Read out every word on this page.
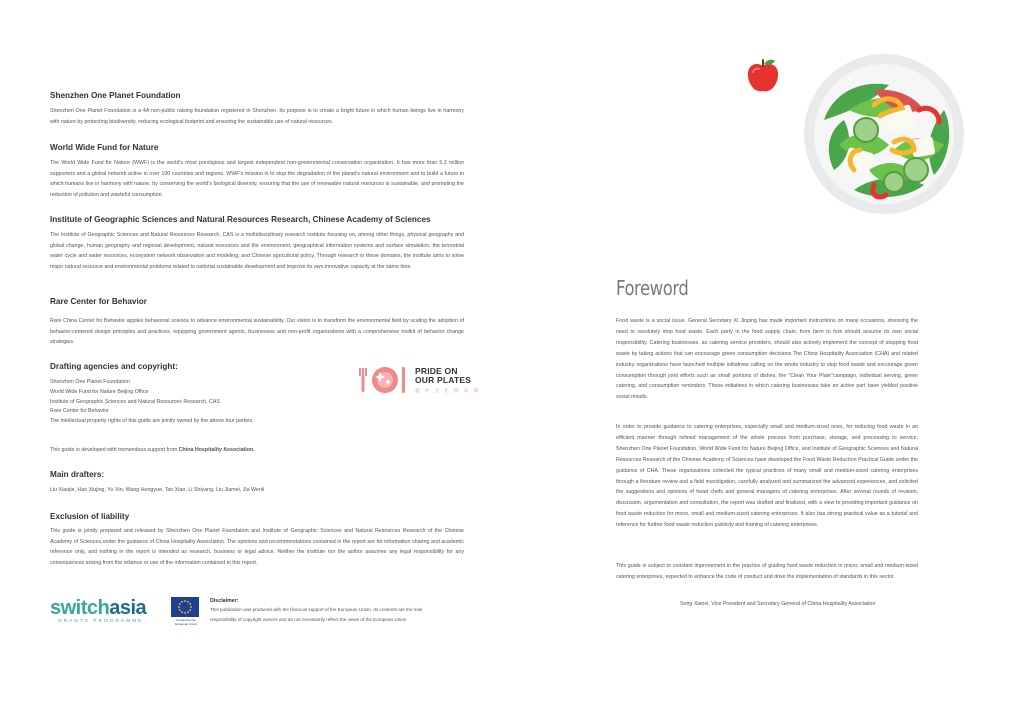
Shenzhen One Planet Foundation

Shenzhen One Planet Foundation is a 4A non-public raising foundation registered in Shenzhen. Its purpose is to create a bright future in which human beings live in harmony with nature by protecting biodiversity, reducing ecological footprint and ensuring the sustainable use of natural resources.

World Wide Fund for Nature

The World Wide Fund for Nature (WWF) is the world's most prestigious and largest independent non-governmental conservation organization. It has more than 5.2 million supporters and a global network active in over 100 countries and regions. WWF's mission is to stop the degradation of the planet's natural environment and to build a future in which humans live in harmony with nature, by conserving the world's biological diversity, ensuring that the use of renewable natural resources is sustainable, and promoting the reduction of pollution and wasteful consumption.

Institute of Geographic Sciences and Natural Resources Research, Chinese Academy of Sciences

The Institute of Geographic Sciences and Natural Resources Research, CAS is a multidisciplinary research institute focusing on, among other things, physical geography and global change, human geography and regional development, natural resources and the environment, geographical information systems and surface simulation, the terrestrial water cycle and water resources, ecosystem network observation and modeling, and Chinese agricultural policy. Through research in these domains, the institute aims to solve major natural resource and environmental problems related to national sustainable development and improve its own innovative capacity at the same time.

Rare Center for Behavior

Rare China Center for Behavior applies behavioral science to advance environmental sustainability. Our vision is to transform the environmental field by scaling the adoption of behavior-centered design principles and practices, equipping government agents, businesses and non-profit organizations with a comprehensive toolkit of behavior change strategies.

Drafting agencies and copyright:
Shenzhen One Planet Foundation
World Wide Fund for Nature Beijing Office
Institute of Geographic Sciences and Natural Resources Research, CAS
Rare Center for Behavior
The intellectual property rights of this guide are jointly owned by the above four parties.
PRIDE ON
OUR PLATES
盘 中 之 光 俱 乐 部
This guide is developed with tremendous support from China Hospitality Association.
Main drafters:
Liu Xiaojie, Hao Xiujing, Yu Xin, Wang Hongyue, Tan Xiao, Li Shiyang, Liu Jiamei, Jia Wenli
Exclusion of liability

This guide is jointly prepared and released by Shenzhen One Planet Foundation and Institute of Geographic Sciences and Natural Resources Research of the Chinese Academy of Sciences,under the guidance of China Hospitality Association. The opinions and recommendations contained in the report are for information sharing and academic reference only, and nothing in the report is intended as research, business or legal advice. Neither the institute nor the author assumes any legal responsibility for any consequences arising from the reliance or use of the information contained in this report.

switchasia
GRANTS PROGRAMME	Funded by the European Union
Disclaimer:
This publication was produced with the financial support of the European Union. Its contents are the sole
responsibility of copyright owners and do not necessarily reflect the views of the European Union
Foreword

Food waste is a social issue. General Secretary Xi Jinping has made important instructions on many occasions, stressing the need to resolutely stop food waste. Each party in the food supply chain, from farm to fork should assume its own social responsibility. Catering businesses, as catering service providers, should also actively implement the concept of stopping food waste by taking actions that can encourage green consumption decisions.The China Hospitality Association (CHA) and related industry organizations have launched multiple initiatives calling on the whole industry to stop food waste and encourage green consumption through joint efforts such as small portions of dishes, the "Clean Your Plate"campaign, individual serving, green catering, and consumption reminders. These initiatives in which catering businesses take an active part have yielded positive social results.

In order to provide guidance to catering enterprises, especially small and medium-sized ones, for reducing food waste in an efficient manner through refined management of the whole process from purchase, storage, and processing to service, Shenzhen One Planet Foundation, World Wide Fund for Nature Beijing Office, and Institute of Geographic Sciences and Natural Resources Research of the Chinese Academy of Sciences have developed the Food Waste Reduction Practical Guide under the guidance of CHA. These organizations collected the typical practices of many small and medium-sized catering enterprises through a literature review and a field investigation, carefully analyzed and summarized the advanced experiences, and solicited the suggestions and opinions of head chefs and general managers of catering enterprises. After several rounds of revision, discussion, argumentation and consultation, the report was drafted and finalized, with a view to providing important guidance on food waste reduction for micro, small and medium-sized catering enterprises. It also has strong practical value as a tutorial and reference for further food waste reduction publicity and training of catering enterprises.

This guide is subject to constant improvement in the practice of guiding food waste reduction in micro, small and medium-sized catering enterprises, expected to enhance the code of conduct and drive the implementation of standards in this sector.

Song Xiaoxi, Vice President and Secretary General of China Hospitality Association
